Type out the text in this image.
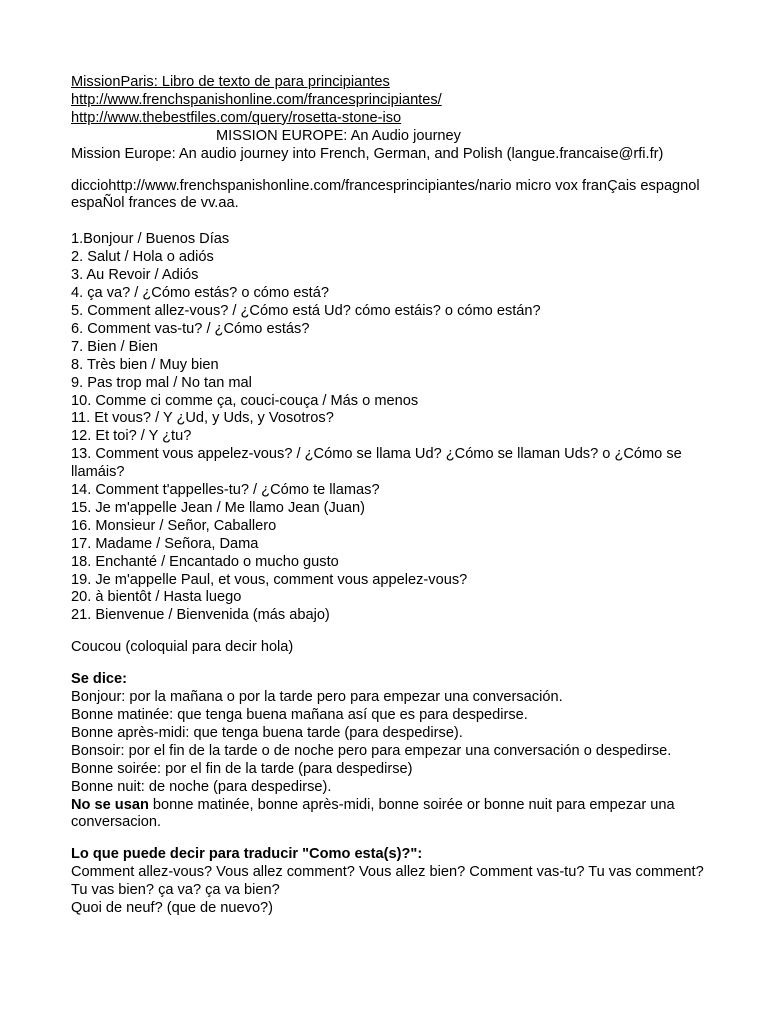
MissionParis: Libro de texto de para principiantes
http://www.frenchspanishonline.com/francesprincipiantes/
http://www.thebestfiles.com/query/rosetta-stone-iso
MISSION EUROPE: An Audio journey
Mission Europe: An audio journey into French, German, and Polish (langue.francaise@rfi.fr)

dicciohttp://www.frenchspanishonline.com/francesprincipiantes/nario micro vox franÇais espagnol espaÑol frances de vv.aa.

1.Bonjour / Buenos Días
2. Salut / Hola o adiós
3. Au Revoir / Adiós
4. ça va? / ¿Cómo estás? o cómo está?
5. Comment allez-vous? / ¿Cómo está Ud? cómo estáis? o cómo están?
6. Comment vas-tu? / ¿Cómo estás?
7. Bien / Bien
8. Très bien / Muy bien
9. Pas trop mal / No tan mal
10. Comme ci comme ça, couci-couça / Más o menos
11. Et vous? / Y ¿Ud, y Uds, y Vosotros?
12. Et toi? / Y ¿tu?
13. Comment vous appelez-vous? / ¿Cómo se llama Ud? ¿Cómo se llaman Uds? o ¿Cómo se llamáis?
14. Comment t'appelles-tu? / ¿Cómo te llamas?
15. Je m'appelle Jean / Me llamo Jean (Juan)
16. Monsieur / Señor, Caballero
17. Madame / Señora, Dama
18. Enchanté / Encantado o mucho gusto
19. Je m'appelle Paul, et vous, comment vous appelez-vous?
20. à bientôt / Hasta luego
21. Bienvenue / Bienvenida (más abajo)
Coucou (coloquial para decir hola)
Se dice:
Bonjour: por la mañana o por la tarde pero para empezar una conversación.
Bonne matinée: que tenga buena mañana así que es para despedirse.
Bonne après-midi: que tenga buena tarde (para despedirse).
Bonsoir: por el fin de la tarde o de noche pero para empezar una conversación o despedirse.
Bonne soirée: por el fin de la tarde (para despedirse)
Bonne nuit: de noche (para despedirse).

No se usan bonne matinée, bonne après-midi, bonne soirée or bonne nuit para empezar una conversacion.

Lo que puede decir para traducir "Como esta(s)?":

Comment allez-vous? Vous allez comment? Vous allez bien? Comment vas-tu? Tu vas comment? Tu vas bien? ça va? ça va bien?

Quoi de neuf? (que de nuevo?)
